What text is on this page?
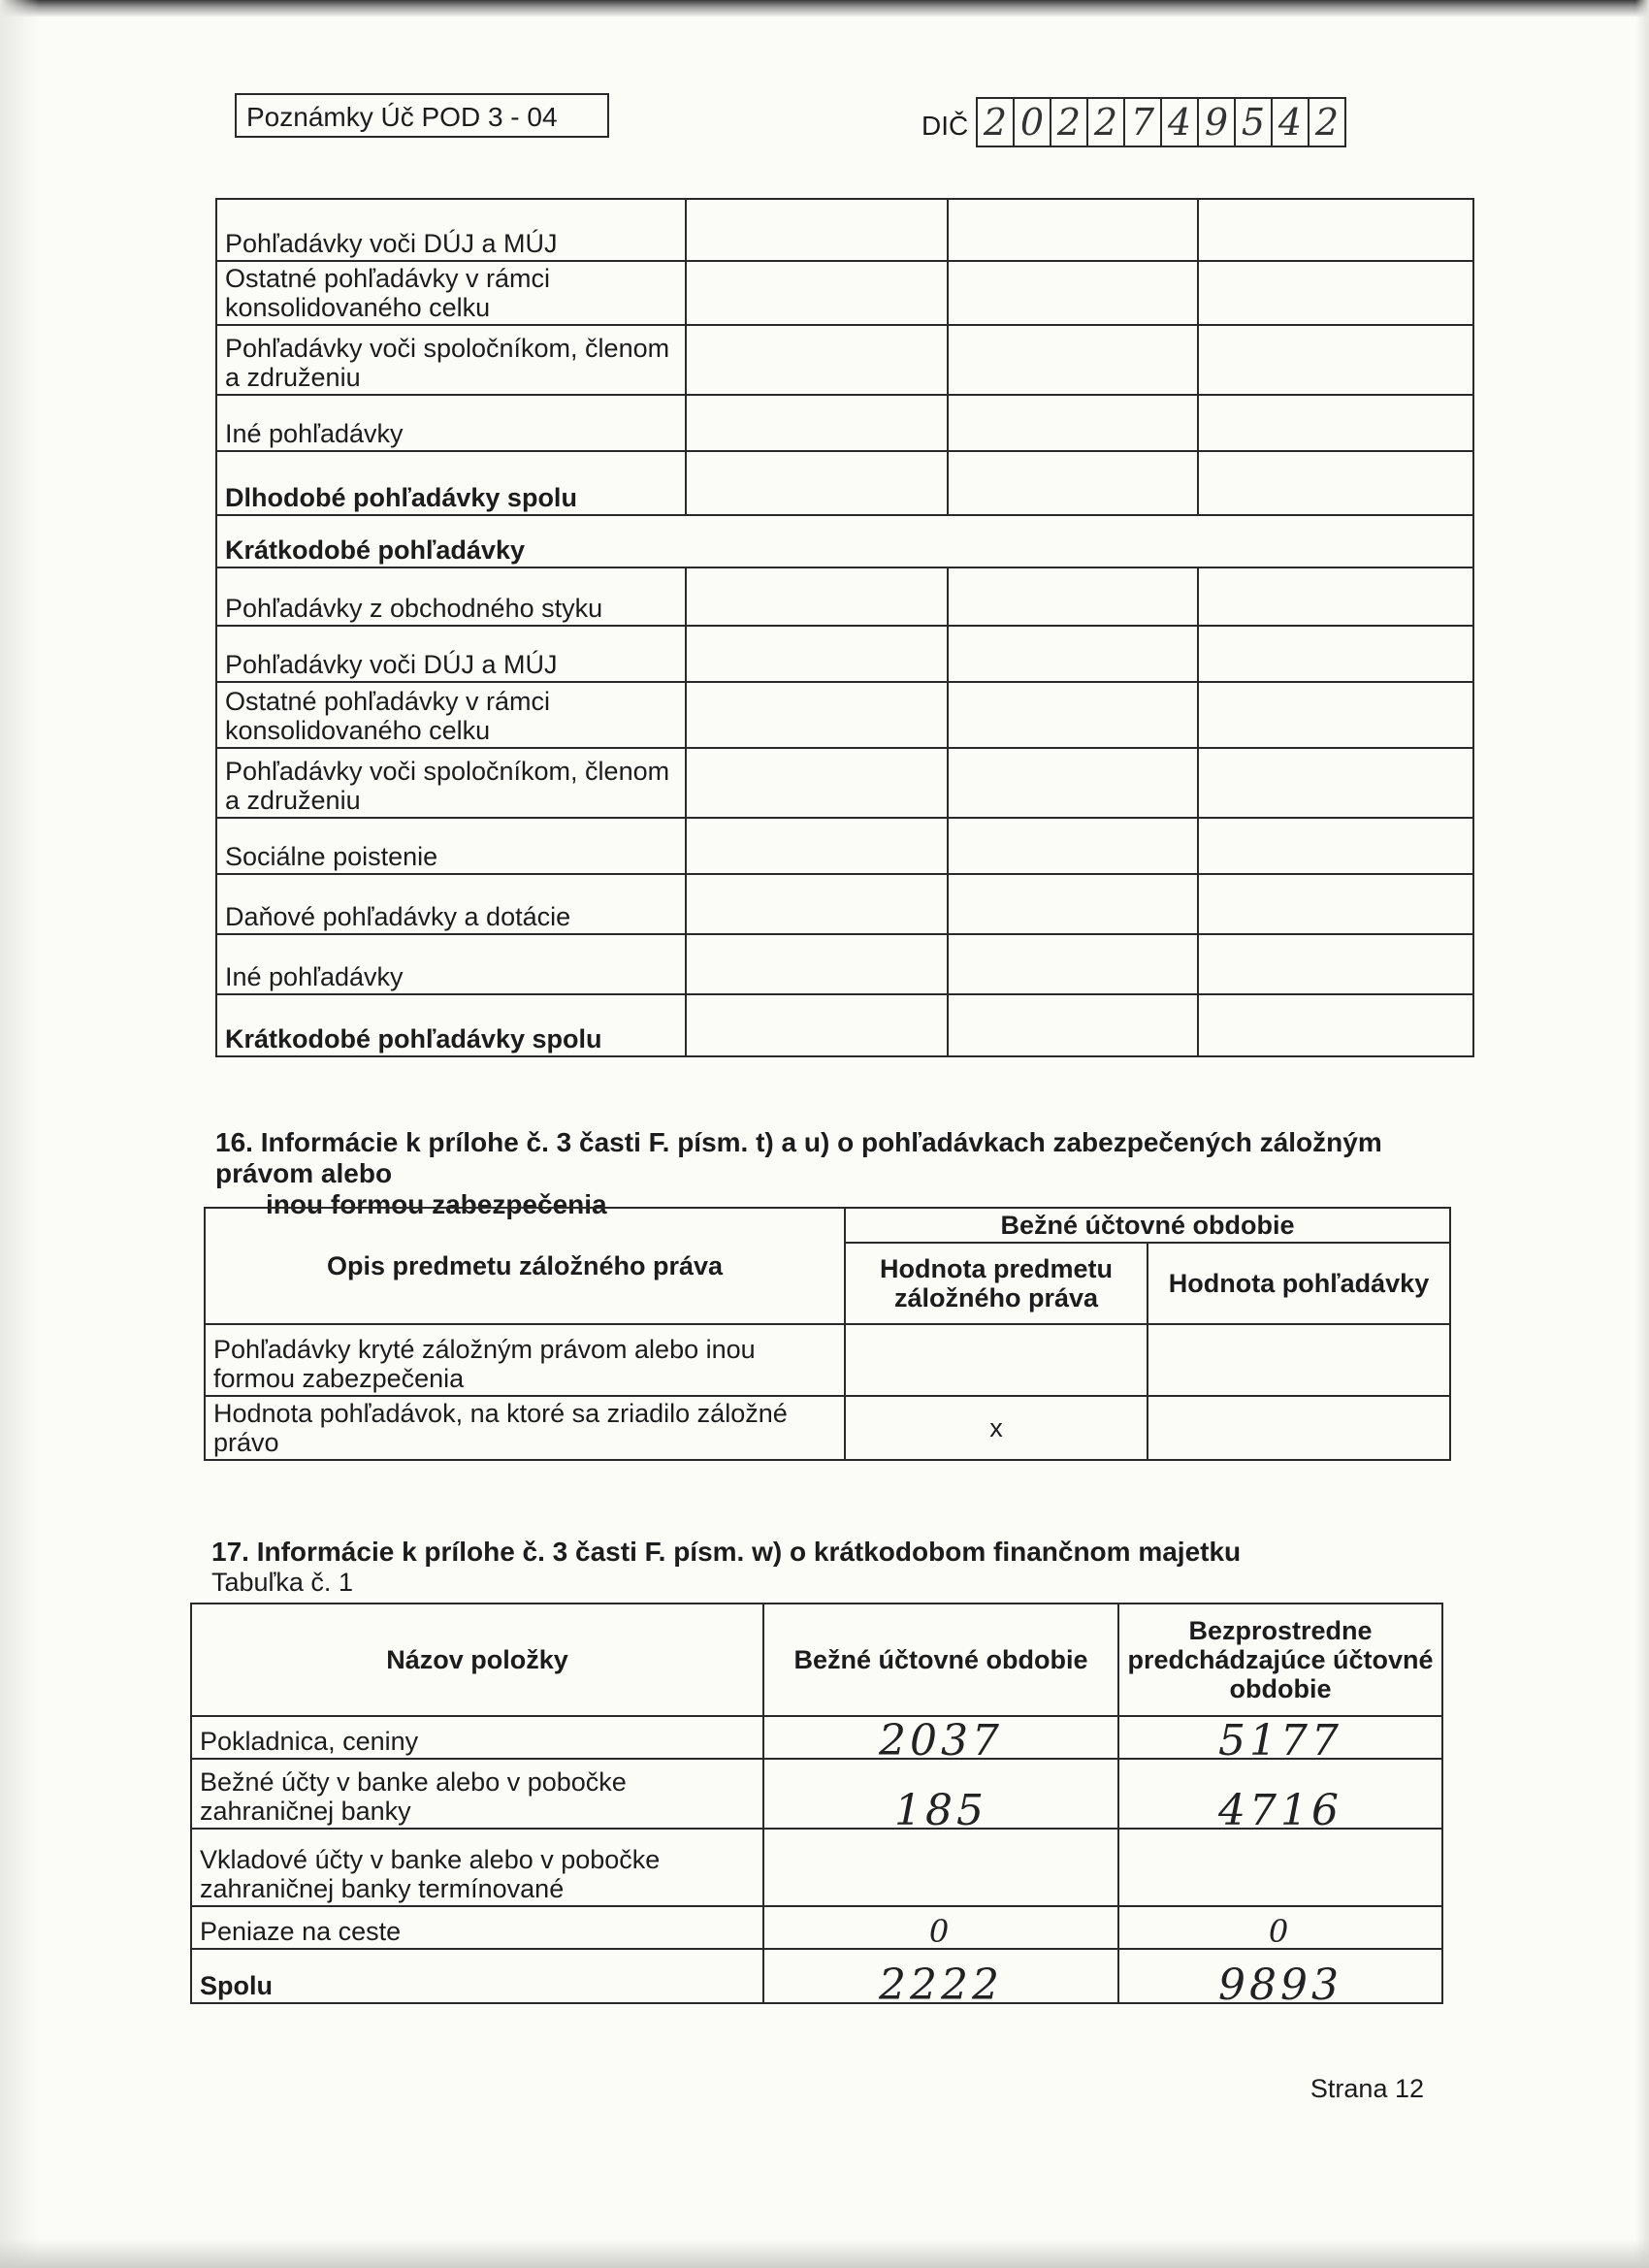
Poznámky Úč POD 3 - 04	DIČ 2 0 2 2 7 4 9 5 4 2
Pohľadávky voči DÚJ a MÚJ			
Ostatné pohľadávky v rámci konsolidovaného celku			
Pohľadávky voči spoločníkom, členom a združeniu			
Iné pohľadávky			
Dlhodobé pohľadávky spolu			
Krátkodobé pohľadávky			
Pohľadávky z obchodného styku			
Pohľadávky voči DÚJ a MÚJ			
Ostatné pohľadávky v rámci konsolidovaného celku			
Pohľadávky voči spoločníkom, členom a združeniu			
Sociálne poistenie			
Daňové pohľadávky a dotácie			
Iné pohľadávky			
Krátkodobé pohľadávky spolu			
16. Informácie k prílohe č. 3 časti F. písm. t) a u) o pohľadávkach zabezpečených záložným právom alebo
inou formou zabezpečenia
Opis predmetu záložného práva	Bežné účtovné obdobie	
	Hodnota predmetu záložného práva	Hodnota pohľadávky
Pohľadávky kryté záložným právom alebo inou formou zabezpečenia		
Hodnota pohľadávok, na ktoré sa zriadilo záložné právo	x	
17. Informácie k prílohe č. 3 časti F. písm. w) o krátkodobom finančnom majetku
Tabuľka č. 1
Názov položky	Bežné účtovné obdobie	Bezprostredne predchádzajúce účtovné obdobie
Pokladnica, ceniny	2037	5177
Bežné účty v banke alebo v pobočke zahraničnej banky	185	4716
Vkladové účty v banke alebo v pobočke zahraničnej banky termínované		
Peniaze na ceste	0	0
Spolu	2222	9893
Strana 12
